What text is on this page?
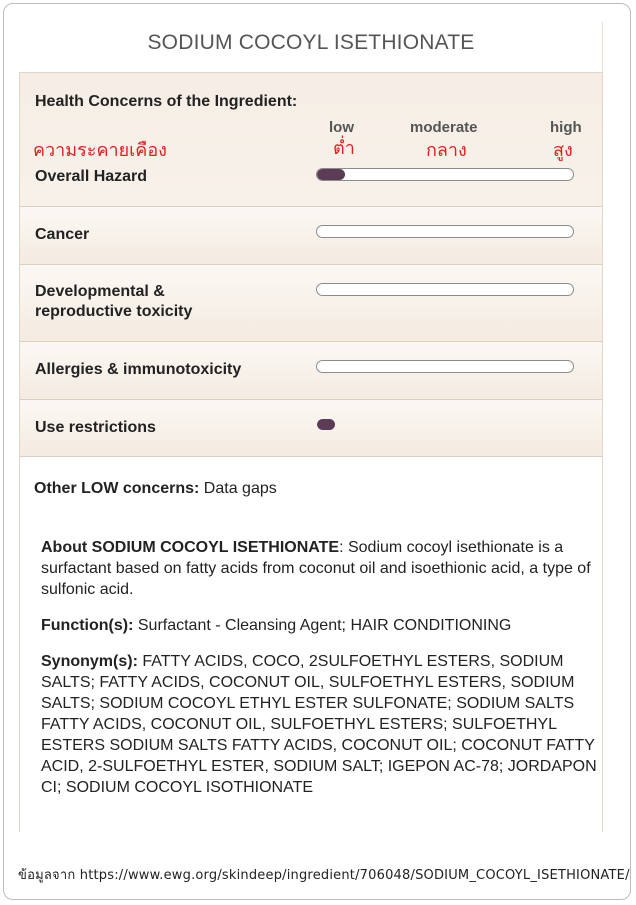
SODIUM COCOYL ISETHIONATE
Health Concerns of the Ingredient:
low	moderate	high
ความระคายเคือง	ต่ำ	กลาง	สูง
Overall Hazard
Cancer
Developmental &
reproductive toxicity
Allergies & immunotoxicity
Use restrictions
Other LOW concerns: Data gaps

About SODIUM COCOYL ISETHIONATE: Sodium cocoyl isethionate is a surfactant based on fatty acids from coconut oil and isoethionic acid, a type of sulfonic acid.

Function(s): Surfactant - Cleansing Agent; HAIR CONDITIONING

Synonym(s): FATTY ACIDS, COCO, 2SULFOETHYL ESTERS, SODIUM SALTS; FATTY ACIDS, COCONUT OIL, SULFOETHYL ESTERS, SODIUM SALTS; SODIUM COCOYL ETHYL ESTER SULFONATE; SODIUM SALTS FATTY ACIDS, COCONUT OIL, SULFOETHYL ESTERS; SULFOETHYL ESTERS SODIUM SALTS FATTY ACIDS, COCONUT OIL; COCONUT FATTY ACID, 2-SULFOETHYL ESTER, SODIUM SALT; IGEPON AC-78; JORDAPON CI; SODIUM COCOYL ISOTHIONATE

ข้อมูลจาก https://www.ewg.org/skindeep/ingredient/706048/SODIUM_COCOYL_ISETHIONATE/
